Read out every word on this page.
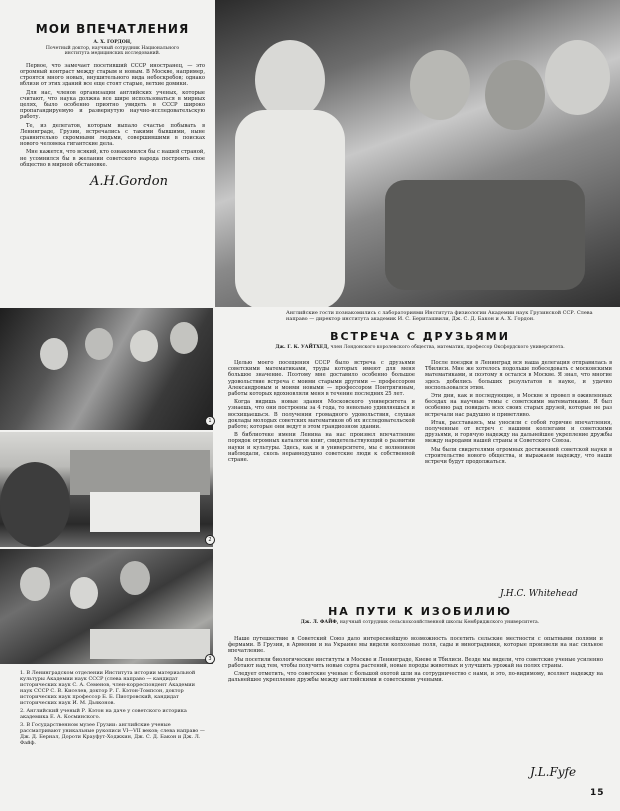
МОИ ВПЕЧАТЛЕНИЯ
А. Х. ГОРДОН,
Почетный доктор, научный сотрудник Национального института медицинских исследований.

Первое, что замечает посетивший СССР иностранец, — это огромный контраст между старым и новым. В Москве, например, строятся много новых, внушительного вида небоскребов; однако вблизи от этих зданий все еще стоят старые, ветхие домики.

Для нас, членов организации английских ученых, которые считают, что наука должна все шире использоваться в мирных целях, было особенно приятно увидеть в СССР широко пропагандируемую и развернутую научно-исследовательскую работу.

Те, из делегатов, которым выпало счастье побывать в Ленинграде, Грузии, встречались с такими бывшими, ныне сравнительно скромными людьми, совершившими в поисках нового человека гигантские дела.

Мне кажется, что всякий, кто ознакомился бы с нашей страной, не усомнился бы в желании советского народа построить свое общество в мирной обстановке.

A.H.Gordon
Английские гости познакомились с лабораториями Института физиологии Академии наук Грузинской ССР. Слева направо — директор института академик И. С. Бериташвили, Дж. С. Д. Бакон и А. Х. Гордон.
1
2
3

1. В Ленинградском отделении Института истории материальной культуры Академии наук СССР (слева направо — кандидат исторических наук С. А. Семенов, член-корреспондент Академии наук СССР С. В. Киселев, доктор Р. Г. Кэтон-Томпсон, доктор исторических наук профессор Б. Б. Пиотровский, кандидат исторических наук И. М. Дьяконов.

2. Английский ученый Р. Кэтон на даче у советского историка академика Е. А. Косминского.

3. В Государственном музее Грузии: английские ученые рассматривают уникальные рукописи VI—VII веков; слева направо — Дж. Д. Бернал, Дороти Крауфут-Ходжкин, Дж. С. Д. Бакон и Дж. Л. Файф.

ВСТРЕЧА С ДРУЗЬЯМИ
Дж. Г. К. УАЙТХЕД, член Лондонского королевского общества, математик, профессор Оксфордского университета.

Целью моего посещения СССР было встреча с друзьями советскими математиками, труды которых имеют для меня большое значение. Поэтому мне доставило особенно большое удовольствие встреча с моими старыми другими — профессором Александровым и моими новыми — профессором Понтрягиным, работы которых вдохновляли меня в течение последних 25 лет.

Когда видишь новые здания Московского университета и узнаешь, что они построены за 4 года, то невольно удивляешься и восхищаешься. В получении громадного удовольствия, слушая доклады молодых советских математиков об их исследовательской работе; которые они ведут в этом грандиозном здании.

В библиотеке имени Ленина на нас произвел впечатление порядок огромных каталогов книг, свидетельствующий о развитии науки и культуры. Здесь, как и в университете, мы с волнением наблюдали, сколь неравнодушно советские люди к собственной стране.

После поездки в Ленинград вся наша делегация отправилась в Тбилиси. Мне же хотелось подольше побеседовать с московскими математиками, и поэтому я остался в Москве. Я знал, что многие здесь добились больших результатов в науке, и удачно воспользовался этим.

Эти дни, как и последующие, в Москве я провел в оживленных беседах на научные темы с советскими математиками. Я был особенно рад повидать всех своих старых друзей, которые не раз встречали нас радушно и приветливо.

Итак, расставаясь, мы уносили с собой горячие впечатления, полученные от встреч с нашими коллегами и советскими друзьями, и горячую надежду на дальнейшее укрепление дружбы между народами нашей страны и Советского Союза.

Мы были свидетелями огромных достижений советской науки в строительстве нового общества, и выражаем надежду, что наши встречи будут продолжаться.

J.H.C. Whitehead
НА ПУТИ К ИЗОБИЛИЮ
Дж. Л. ФАЙФ, научный сотрудник сельскохозяйственной школы Кембриджского университета.

Наше путешествие в Советский Союз дало интереснейшую возможность посетить сельские местности с опытными полями и фермами. В Грузии, в Армении и на Украине мы видели колхозные поля, сады и виноградники, которые произвели на нас сильное впечатление.

Мы посетили биологические институты в Москве и Ленинграде, Киеве и Тбилиси. Везде мы видели, что советские ученые усиленно работают над тем, чтобы получить новые сорта растений, новые породы животных и улучшить урожай на полях страны.

Следует отметить, что советские ученые с большой охотой шли на сотрудничество с нами, и это, по-видимому, вселяет надежду на дальнейшее укрепление дружбы между английскими и советскими учеными.

J.L.Fyfe
15
